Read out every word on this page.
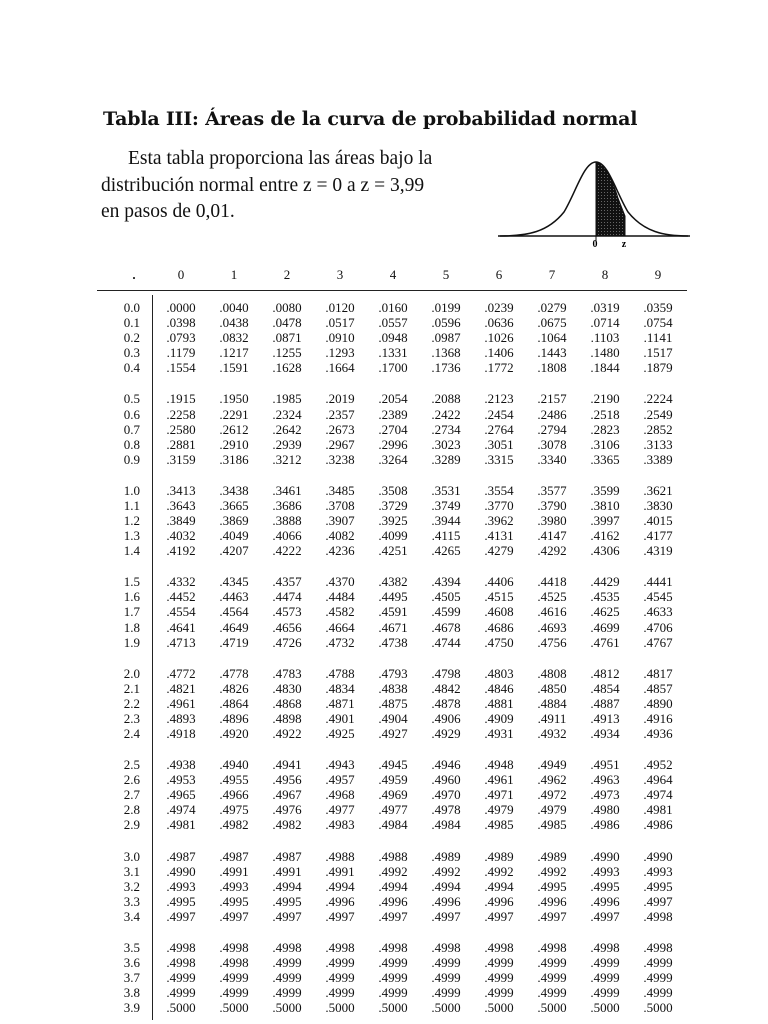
Tabla III: Áreas de la curva de probabilidad normal
Esta tabla proporciona las áreas bajo la
distribución normal entre z = 0 a z = 3,99
en pasos de 0,01.
0 z
.	0	1	2	3	4	5	6	7	8	9
0.0	.0000	.0040	.0080	.0120	.0160	.0199	.0239	.0279	.0319	.0359
0.1	.0398	.0438	.0478	.0517	.0557	.0596	.0636	.0675	.0714	.0754
0.2	.0793	.0832	.0871	.0910	.0948	.0987	.1026	.1064	.1103	.1141
0.3	.1179	.1217	.1255	.1293	.1331	.1368	.1406	.1443	.1480	.1517
0.4	.1554	.1591	.1628	.1664	.1700	.1736	.1772	.1808	.1844	.1879
0.5	.1915	.1950	.1985	.2019	.2054	.2088	.2123	.2157	.2190	.2224
0.6	.2258	.2291	.2324	.2357	.2389	.2422	.2454	.2486	.2518	.2549
0.7	.2580	.2612	.2642	.2673	.2704	.2734	.2764	.2794	.2823	.2852
0.8	.2881	.2910	.2939	.2967	.2996	.3023	.3051	.3078	.3106	.3133
0.9	.3159	.3186	.3212	.3238	.3264	.3289	.3315	.3340	.3365	.3389
1.0	.3413	.3438	.3461	.3485	.3508	.3531	.3554	.3577	.3599	.3621
1.1	.3643	.3665	.3686	.3708	.3729	.3749	.3770	.3790	.3810	.3830
1.2	.3849	.3869	.3888	.3907	.3925	.3944	.3962	.3980	.3997	.4015
1.3	.4032	.4049	.4066	.4082	.4099	.4115	.4131	.4147	.4162	.4177
1.4	.4192	.4207	.4222	.4236	.4251	.4265	.4279	.4292	.4306	.4319
1.5	.4332	.4345	.4357	.4370	.4382	.4394	.4406	.4418	.4429	.4441
1.6	.4452	.4463	.4474	.4484	.4495	.4505	.4515	.4525	.4535	.4545
1.7	.4554	.4564	.4573	.4582	.4591	.4599	.4608	.4616	.4625	.4633
1.8	.4641	.4649	.4656	.4664	.4671	.4678	.4686	.4693	.4699	.4706
1.9	.4713	.4719	.4726	.4732	.4738	.4744	.4750	.4756	.4761	.4767
2.0	.4772	.4778	.4783	.4788	.4793	.4798	.4803	.4808	.4812	.4817
2.1	.4821	.4826	.4830	.4834	.4838	.4842	.4846	.4850	.4854	.4857
2.2	.4961	.4864	.4868	.4871	.4875	.4878	.4881	.4884	.4887	.4890
2.3	.4893	.4896	.4898	.4901	.4904	.4906	.4909	.4911	.4913	.4916
2.4	.4918	.4920	.4922	.4925	.4927	.4929	.4931	.4932	.4934	.4936
2.5	.4938	.4940	.4941	.4943	.4945	.4946	.4948	.4949	.4951	.4952
2.6	.4953	.4955	.4956	.4957	.4959	.4960	.4961	.4962	.4963	.4964
2.7	.4965	.4966	.4967	.4968	.4969	.4970	.4971	.4972	.4973	.4974
2.8	.4974	.4975	.4976	.4977	.4977	.4978	.4979	.4979	.4980	.4981
2.9	.4981	.4982	.4982	.4983	.4984	.4984	.4985	.4985	.4986	.4986
3.0	.4987	.4987	.4987	.4988	.4988	.4989	.4989	.4989	.4990	.4990
3.1	.4990	.4991	.4991	.4991	.4992	.4992	.4992	.4992	.4993	.4993
3.2	.4993	.4993	.4994	.4994	.4994	.4994	.4994	.4995	.4995	.4995
3.3	.4995	.4995	.4995	.4996	.4996	.4996	.4996	.4996	.4996	.4997
3.4	.4997	.4997	.4997	.4997	.4997	.4997	.4997	.4997	.4997	.4998
3.5	.4998	.4998	.4998	.4998	.4998	.4998	.4998	.4998	.4998	.4998
3.6	.4998	.4998	.4999	.4999	.4999	.4999	.4999	.4999	.4999	.4999
3.7	.4999	.4999	.4999	.4999	.4999	.4999	.4999	.4999	.4999	.4999
3.8	.4999	.4999	.4999	.4999	.4999	.4999	.4999	.4999	.4999	.4999
3.9	.5000	.5000	.5000	.5000	.5000	.5000	.5000	.5000	.5000	.5000
